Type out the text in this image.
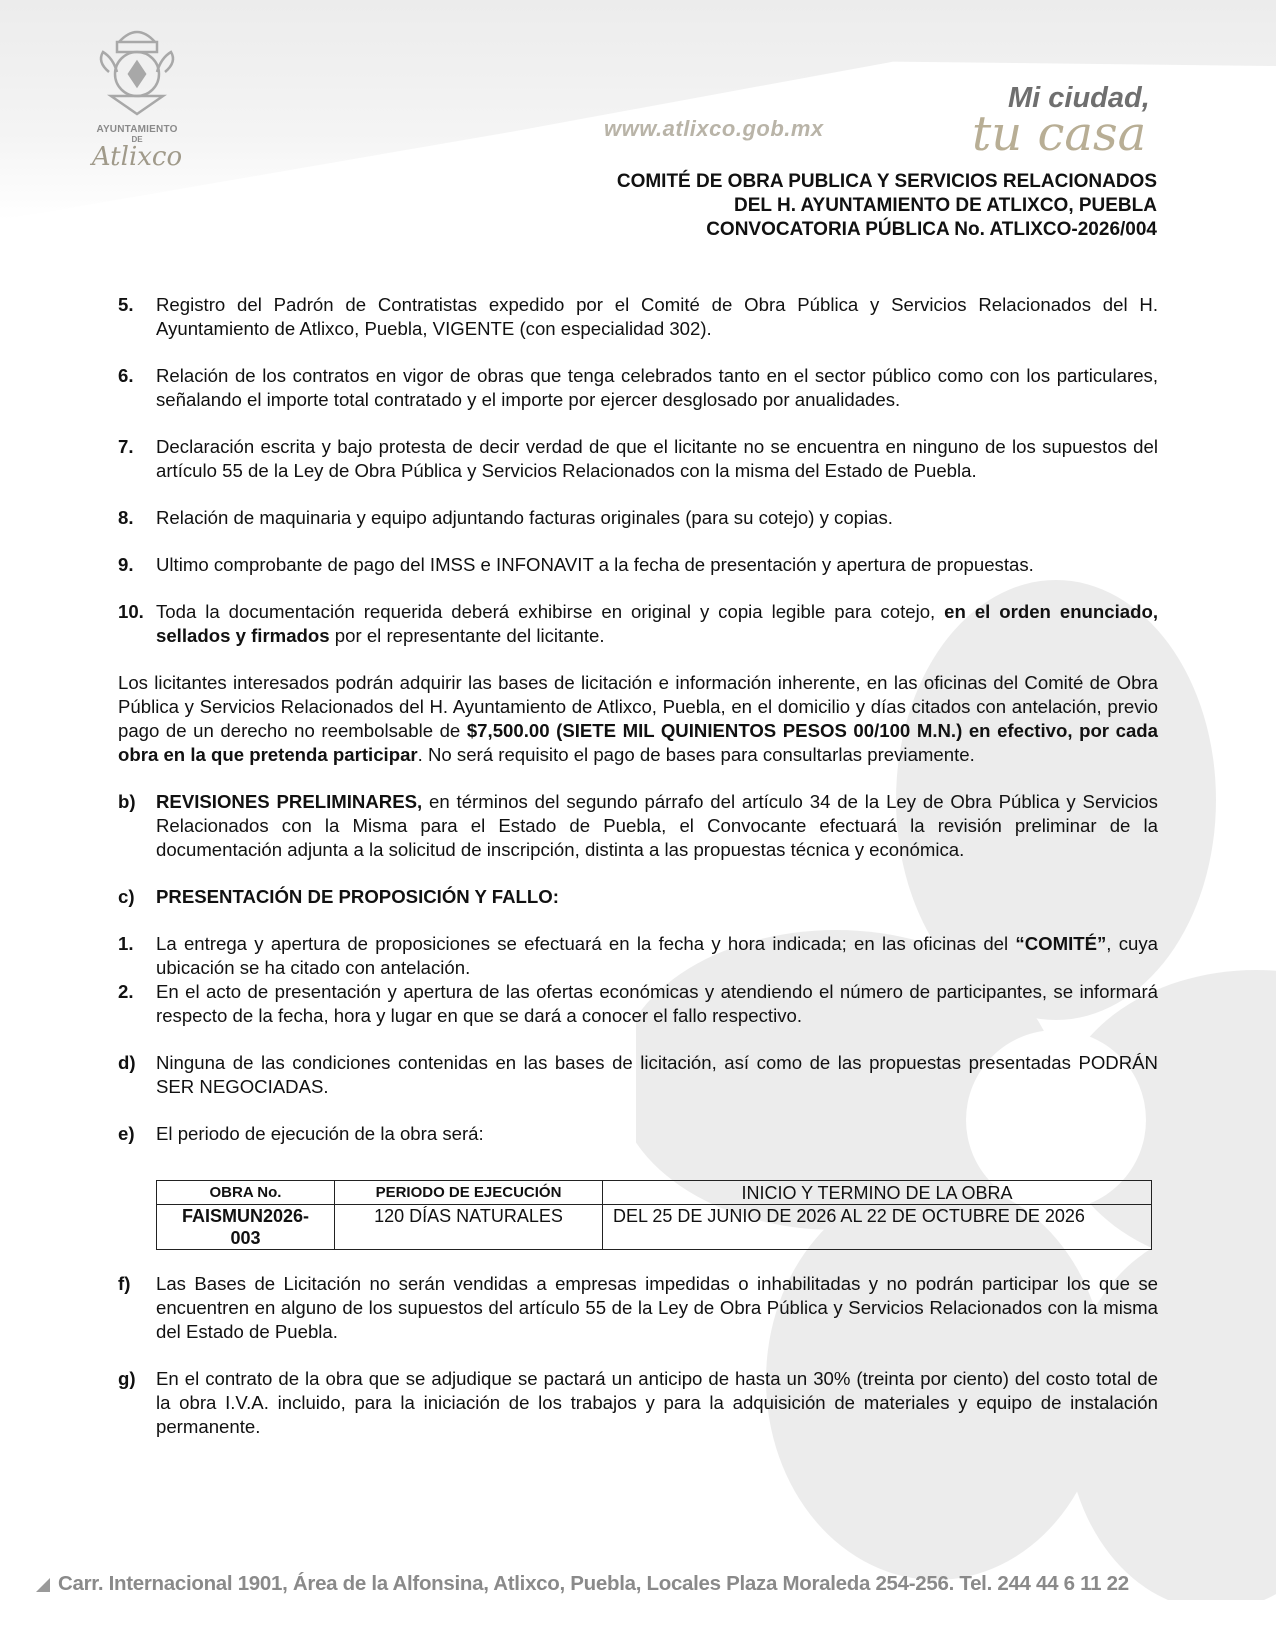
AYUNTAMIENTO
DE
Atlixco
www.atlixco.gob.mx
Mi ciudad,
tu casa
COMITÉ DE OBRA PUBLICA Y SERVICIOS RELACIONADOS
DEL H. AYUNTAMIENTO DE ATLIXCO, PUEBLA
CONVOCATORIA PÚBLICA No. ATLIXCO-2026/004
5.	Registro del Padrón de Contratistas expedido por el Comité de Obra Pública y Servicios Relacionados del H. Ayuntamiento de Atlixco, Puebla, VIGENTE (con especialidad 302).
6.	Relación de los contratos en vigor de obras que tenga celebrados tanto en el sector público como con los particulares, señalando el importe total contratado y el importe por ejercer desglosado por anualidades.
7.	Declaración escrita y bajo protesta de decir verdad de que el licitante no se encuentra en ninguno de los supuestos del artículo 55 de la Ley de Obra Pública y Servicios Relacionados con la misma del Estado de Puebla.
8.	Relación de maquinaria y equipo adjuntando facturas originales (para su cotejo) y copias.
9.	Ultimo comprobante de pago del IMSS e INFONAVIT a la fecha de presentación y apertura de propuestas.
10. Toda la documentación requerida deberá exhibirse en original y copia legible para cotejo, en el orden enunciado, sellados y firmados por el representante del licitante.
Los licitantes interesados podrán adquirir las bases de licitación e información inherente, en las oficinas del Comité de Obra Pública y Servicios Relacionados del H. Ayuntamiento de Atlixco, Puebla, en el domicilio y días citados con antelación, previo pago de un derecho no reembolsable de $7,500.00 (SIETE MIL QUINIENTOS PESOS 00/100 M.N.) en efectivo, por cada obra en la que pretenda participar. No será requisito el pago de bases para consultarlas previamente.
b)	REVISIONES PRELIMINARES, en términos del segundo párrafo del artículo 34 de la Ley de Obra Pública y Servicios Relacionados con la Misma para el Estado de Puebla, el Convocante efectuará la revisión preliminar de la documentación adjunta a la solicitud de inscripción, distinta a las propuestas técnica y económica.
c)	PRESENTACIÓN DE PROPOSICIÓN Y FALLO:
1.	La entrega y apertura de proposiciones se efectuará en la fecha y hora indicada; en las oficinas del “COMITÉ”, cuya ubicación se ha citado con antelación.
2.	En el acto de presentación y apertura de las ofertas económicas y atendiendo el número de participantes, se informará respecto de la fecha, hora y lugar en que se dará a conocer el fallo respectivo.
d)	Ninguna de las condiciones contenidas en las bases de licitación, así como de las propuestas presentadas PODRÁN SER NEGOCIADAS.
e)	El periodo de ejecución de la obra será:
OBRA No.	PERIODO DE EJECUCIÓN	INICIO Y TERMINO DE LA OBRA
FAISMUN2026-003	120 DÍAS NATURALES	DEL 25 DE JUNIO DE 2026 AL 22 DE OCTUBRE DE 2026
f)	Las Bases de Licitación no serán vendidas a empresas impedidas o inhabilitadas y no podrán participar los que se encuentren en alguno de los supuestos del artículo 55 de la Ley de Obra Pública y Servicios Relacionados con la misma del Estado de Puebla.
g)	En el contrato de la obra que se adjudique se pactará un anticipo de hasta un 30% (treinta por ciento) del costo total de la obra I.V.A. incluido, para la iniciación de los trabajos y para la adquisición de materiales y equipo de instalación permanente.
Carr. Internacional 1901, Área de la Alfonsina, Atlixco, Puebla, Locales Plaza Moraleda 254-256. Tel. 244 44 6 11 22
